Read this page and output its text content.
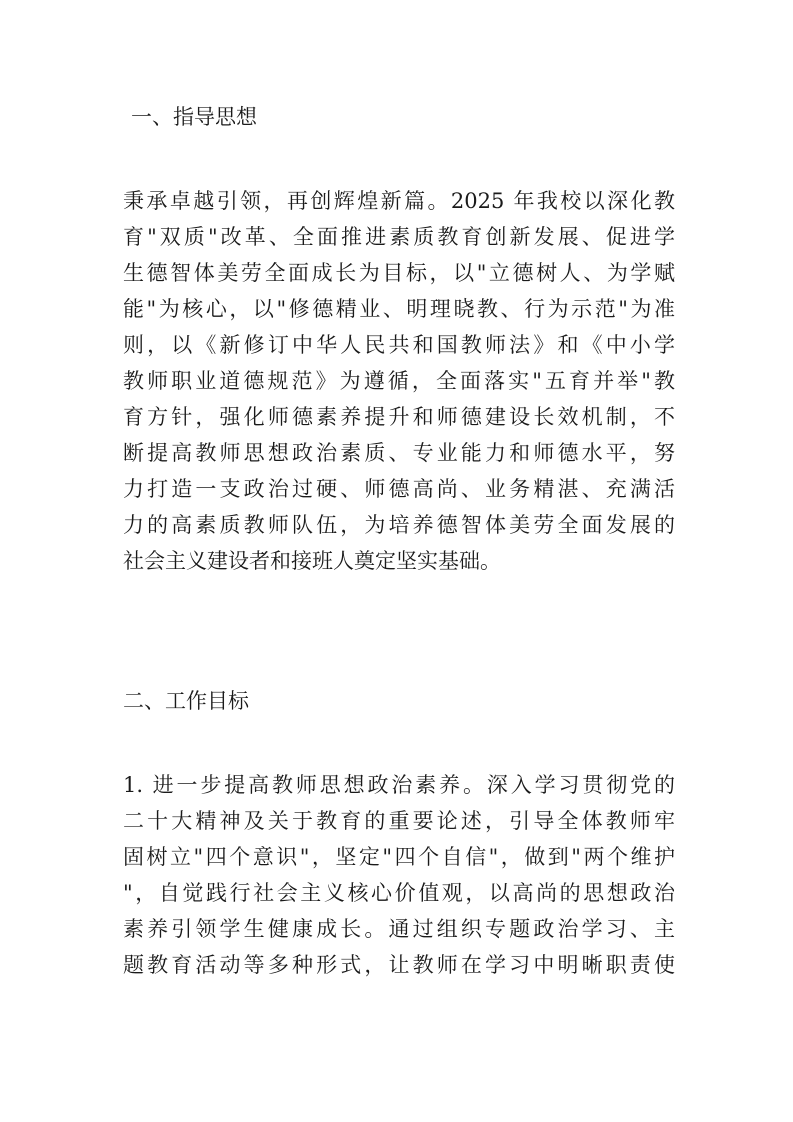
一、指导思想
秉承卓越引领，再创辉煌新篇。2025 年我校以深化教
育"双质"改革、全面推进素质教育创新发展、促进学
生德智体美劳全面成长为目标，以"立德树人、为学赋
能"为核心，以"修德精业、明理晓教、行为示范"为准
则，以《新修订中华人民共和国教师法》和《中小学
教师职业道德规范》为遵循，全面落实"五育并举"教
育方针，强化师德素养提升和师德建设长效机制，不
断提高教师思想政治素质、专业能力和师德水平，努
力打造一支政治过硬、师德高尚、业务精湛、充满活
力的高素质教师队伍，为培养德智体美劳全面发展的
社会主义建设者和接班人奠定坚实基础。
二、工作目标
1. 进一步提高教师思想政治素养。深入学习贯彻党的
二十大精神及关于教育的重要论述，引导全体教师牢
固树立"四个意识"，坚定"四个自信"，做到"两个维护
"，自觉践行社会主义核心价值观，以高尚的思想政治
素养引领学生健康成长。通过组织专题政治学习、主
题教育活动等多种形式，让教师在学习中明晰职责使
